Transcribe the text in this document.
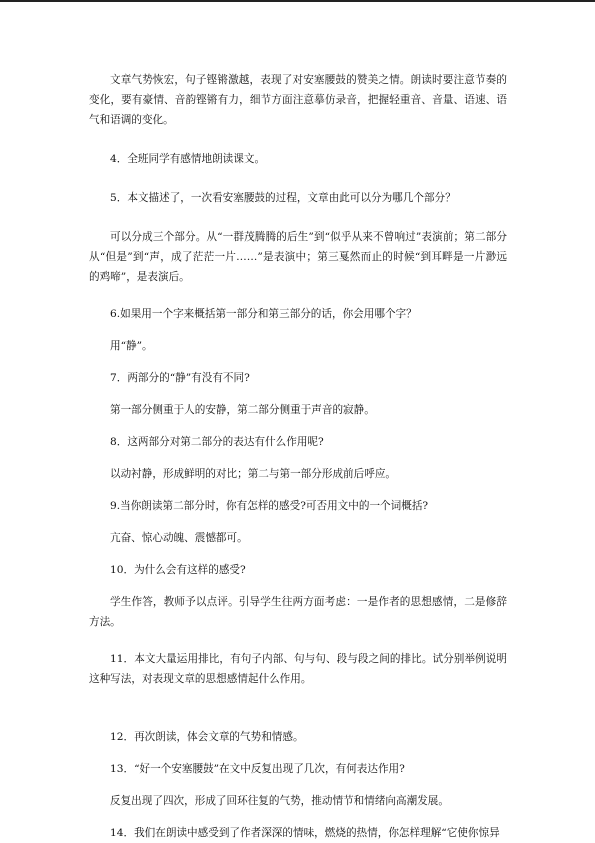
文章气势恢宏，句子铿锵激越，表现了对安塞腰鼓的赞美之情。朗读时要注意节奏的变化，要有豪情、音韵铿锵有力，细节方面注意摹仿录音，把握轻重音、音量、语速、语气和语调的变化。

4．全班同学有感情地朗读课文。

5．本文描述了，一次看安塞腰鼓的过程，文章由此可以分为哪几个部分？

可以分成三个部分。从“一群茂腾腾的后生”到“似乎从来不曾响过”表演前；第二部分从“但是”到“声，成了茫茫一片……”是表演中；第三戛然而止的时候“到耳畔是一片渺远的鸡啼”，是表演后。

6.如果用一个字来概括第一部分和第三部分的话，你会用哪个字？

用“静”。

7．两部分的“静”有没有不同?

第一部分侧重于人的安静，第二部分侧重于声音的寂静。

8．这两部分对第二部分的表达有什么作用呢?

以动衬静，形成鲜明的对比；第二与第一部分形成前后呼应。

9.当你朗读第二部分时，你有怎样的感受?可否用文中的一个词概括?

亢奋、惊心动魄、震憾都可。

10．为什么会有这样的感受?

学生作答，教师予以点评。引导学生往两方面考虑：一是作者的思想感情，二是修辞方法。

11．本文大量运用排比，有句子内部、句与句、段与段之间的排比。试分别举例说明这种写法，对表现文章的思想感情起什么作用。

12．再次朗读，体会文章的气势和情感。

13．“好一个安塞腰鼓”在文中反复出现了几次，有何表达作用?

反复出现了四次，形成了回环往复的气势，推动情节和情绪向高潮发展。

14．我们在朗读中感受到了作者深深的情味，燃烧的热情，你怎样理解“它使你惊异
